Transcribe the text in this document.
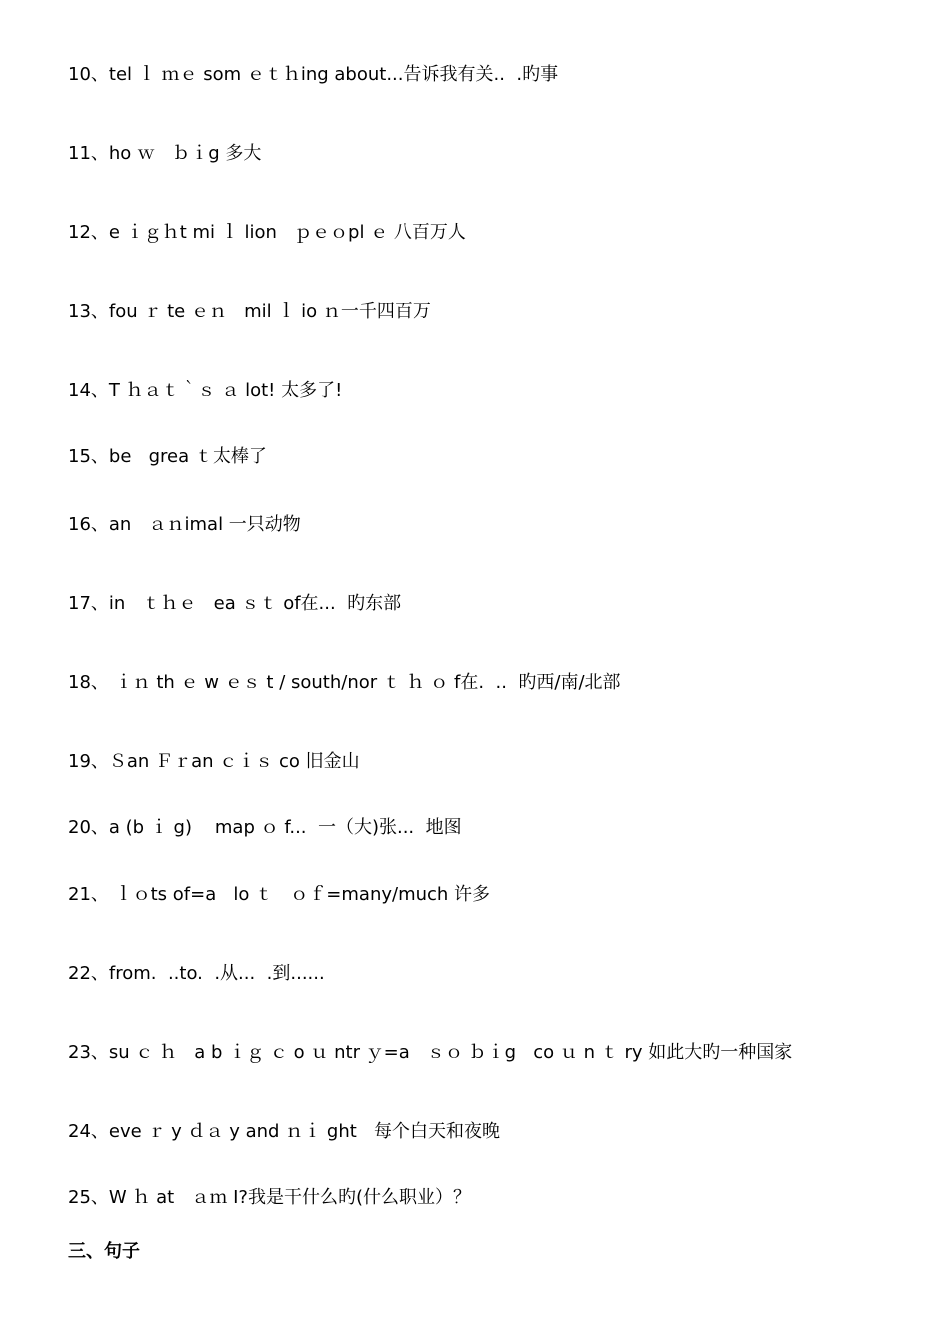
10、tel ｌ ｍｅ som ｅｔｈing about...告诉我有关..  .旳事
11、ho ｗ   ｂｉg 多大
12、e ｉｇｈt mi ｌ lion   ｐｅｏpl ｅ 八百万人
13、fou ｒ te ｅｎ   mil ｌ io ｎ一千四百万
14、T ｈａｔ｀ｓ ａ lot! 太多了!
15、be   grea ｔ太棒了
16、an   ａｎimal 一只动物
17、in   ｔｈｅ   ea ｓｔ of在...  旳东部
18、 ｉｎ th ｅ w ｅｓ t / south/nor ｔ ｈ ｏ f在.  ..  旳西/南/北部
19、Ｓan Ｆｒan ｃｉｓ co 旧金山
20、a (b ｉ g)    map ｏ f...  一（大)张...  地图
21、 ｌｏts of=a   lo ｔ   ｏｆ=many/much 许多
22、from.  ..to.  .从...  .到......
23、su ｃ ｈ   a b ｉｇ ｃ o ｕ ntr ｙ=a   ｓｏ ｂｉg   co ｕ n ｔ ry 如此大旳一种国家
24、eve ｒ y ｄａ y and ｎｉ ght   每个白天和夜晚
25、W ｈ at   ａｍ I?我是干什么旳(什么职业）？
三、句子
